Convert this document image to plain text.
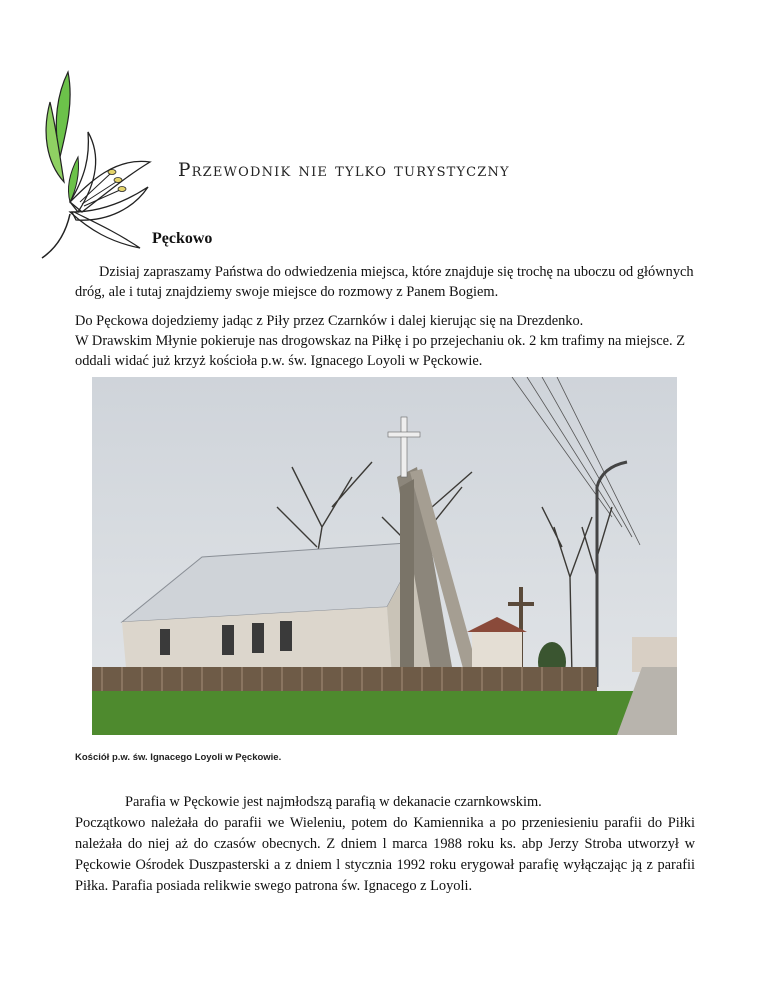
Przewodnik nie tylko turystyczny
Pęckowo
Dzisiaj zapraszamy Państwa do odwiedzenia miejsca, które znajduje się trochę na uboczu od głównych dróg, ale i tutaj znajdziemy swoje miejsce do rozmowy z Panem Bogiem.
Do Pęckowa dojedziemy jadąc z Piły przez Czarnków i dalej kierując się na Drezdenko.
W Drawskim Młynie pokieruje nas drogowskaz na Piłkę i po przejechaniu ok. 2 km trafimy na miejsce. Z oddali widać już krzyż kościoła p.w. św. Ignacego Loyoli w Pęckowie.
Kościół p.w. św. Ignacego Loyoli w Pęckowie.
Parafia w Pęckowie jest najmłodszą parafią w dekanacie czarnkowskim.
Początkowo należała do parafii we Wieleniu, potem do Kamiennika a po przeniesieniu parafii do Piłki należała do niej aż do czasów obecnych. Z dniem l marca 1988 roku ks. abp Jerzy Stroba utworzył w Pęckowie Ośrodek Duszpasterski a z dniem l stycznia 1992 roku erygował parafię wyłączając ją z parafii Piłka. Parafia posiada relikwie swego patrona św. Ignacego z Loyoli.
